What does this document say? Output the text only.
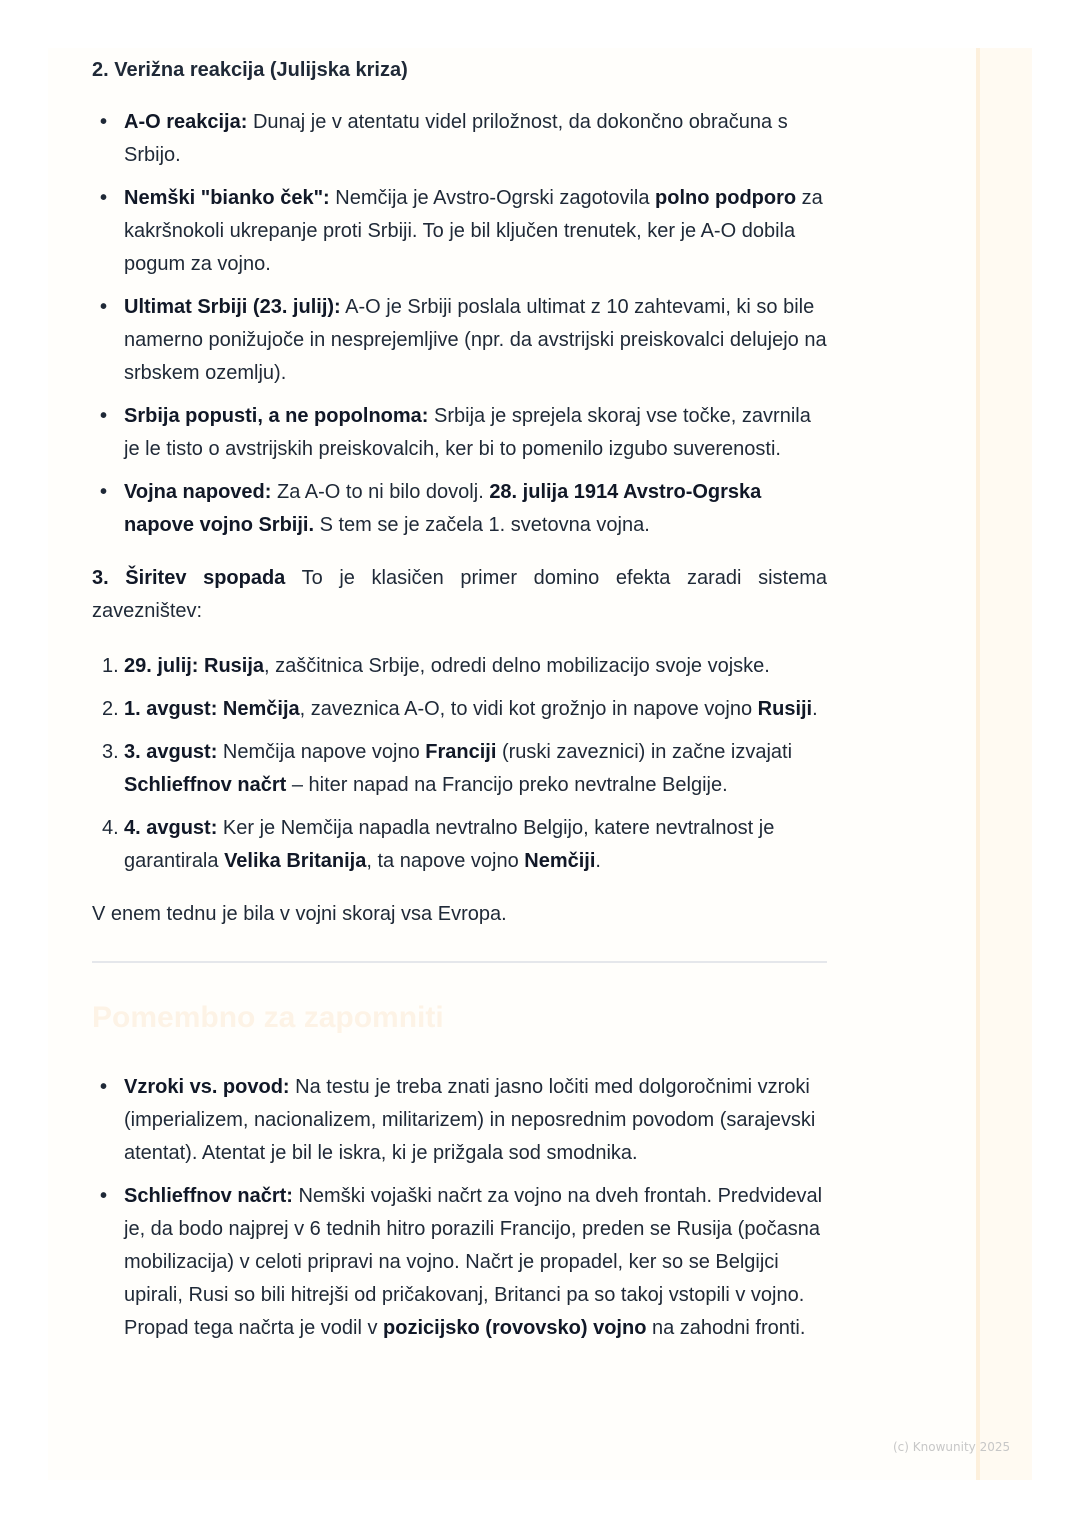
2. Verižna reakcija (Julijska kriza)
• A-O reakcija: Dunaj je v atentatu videl priložnost, da dokončno obračuna s Srbijo.
• Nemški "bianko ček": Nemčija je Avstro-Ogrski zagotovila polno podporo za kakršnokoli ukrepanje proti Srbiji. To je bil ključen trenutek, ker je A-O dobila pogum za vojno.
• Ultimat Srbiji (23. julij): A-O je Srbiji poslala ultimat z 10 zahtevami, ki so bile namerno ponižujoče in nesprejemljive (npr. da avstrijski preiskovalci delujejo na srbskem ozemlju).
• Srbija popusti, a ne popolnoma: Srbija je sprejela skoraj vse točke, zavrnila je le tisto o avstrijskih preiskovalcih, ker bi to pomenilo izgubo suverenosti.
• Vojna napoved: Za A-O to ni bilo dovolj. 28. julija 1914 Avstro-Ogrska napove vojno Srbiji. S tem se je začela 1. svetovna vojna.
3. Širitev spopada To je klasičen primer domino efekta zaradi sistema zavezništev:
1. 29. julij: Rusija, zaščitnica Srbije, odredi delno mobilizacijo svoje vojske.
2. 1. avgust: Nemčija, zaveznica A-O, to vidi kot grožnjo in napove vojno Rusiji.
3. 3. avgust: Nemčija napove vojno Franciji (ruski zaveznici) in začne izvajati Schlieffnov načrt – hiter napad na Francijo preko nevtralne Belgije.
4. 4. avgust: Ker je Nemčija napadla nevtralno Belgijo, katere nevtralnost je garantirala Velika Britanija, ta napove vojno Nemčiji.
V enem tednu je bila v vojni skoraj vsa Evropa.
Pomembno za zapomniti
• Vzroki vs. povod: Na testu je treba znati jasno ločiti med dolgoročnimi vzroki (imperializem, nacionalizem, militarizem) in neposrednim povodom (sarajevski atentat). Atentat je bil le iskra, ki je prižgala sod smodnika.
• Schlieffnov načrt: Nemški vojaški načrt za vojno na dveh frontah. Predvideval je, da bodo najprej v 6 tednih hitro porazili Francijo, preden se Rusija (počasna mobilizacija) v celoti pripravi na vojno. Načrt je propadel, ker so se Belgijci upirali, Rusi so bili hitrejši od pričakovanj, Britanci pa so takoj vstopili v vojno. Propad tega načrta je vodil v pozicijsko (rovovsko) vojno na zahodni fronti.
(c) Knowunity 2025
